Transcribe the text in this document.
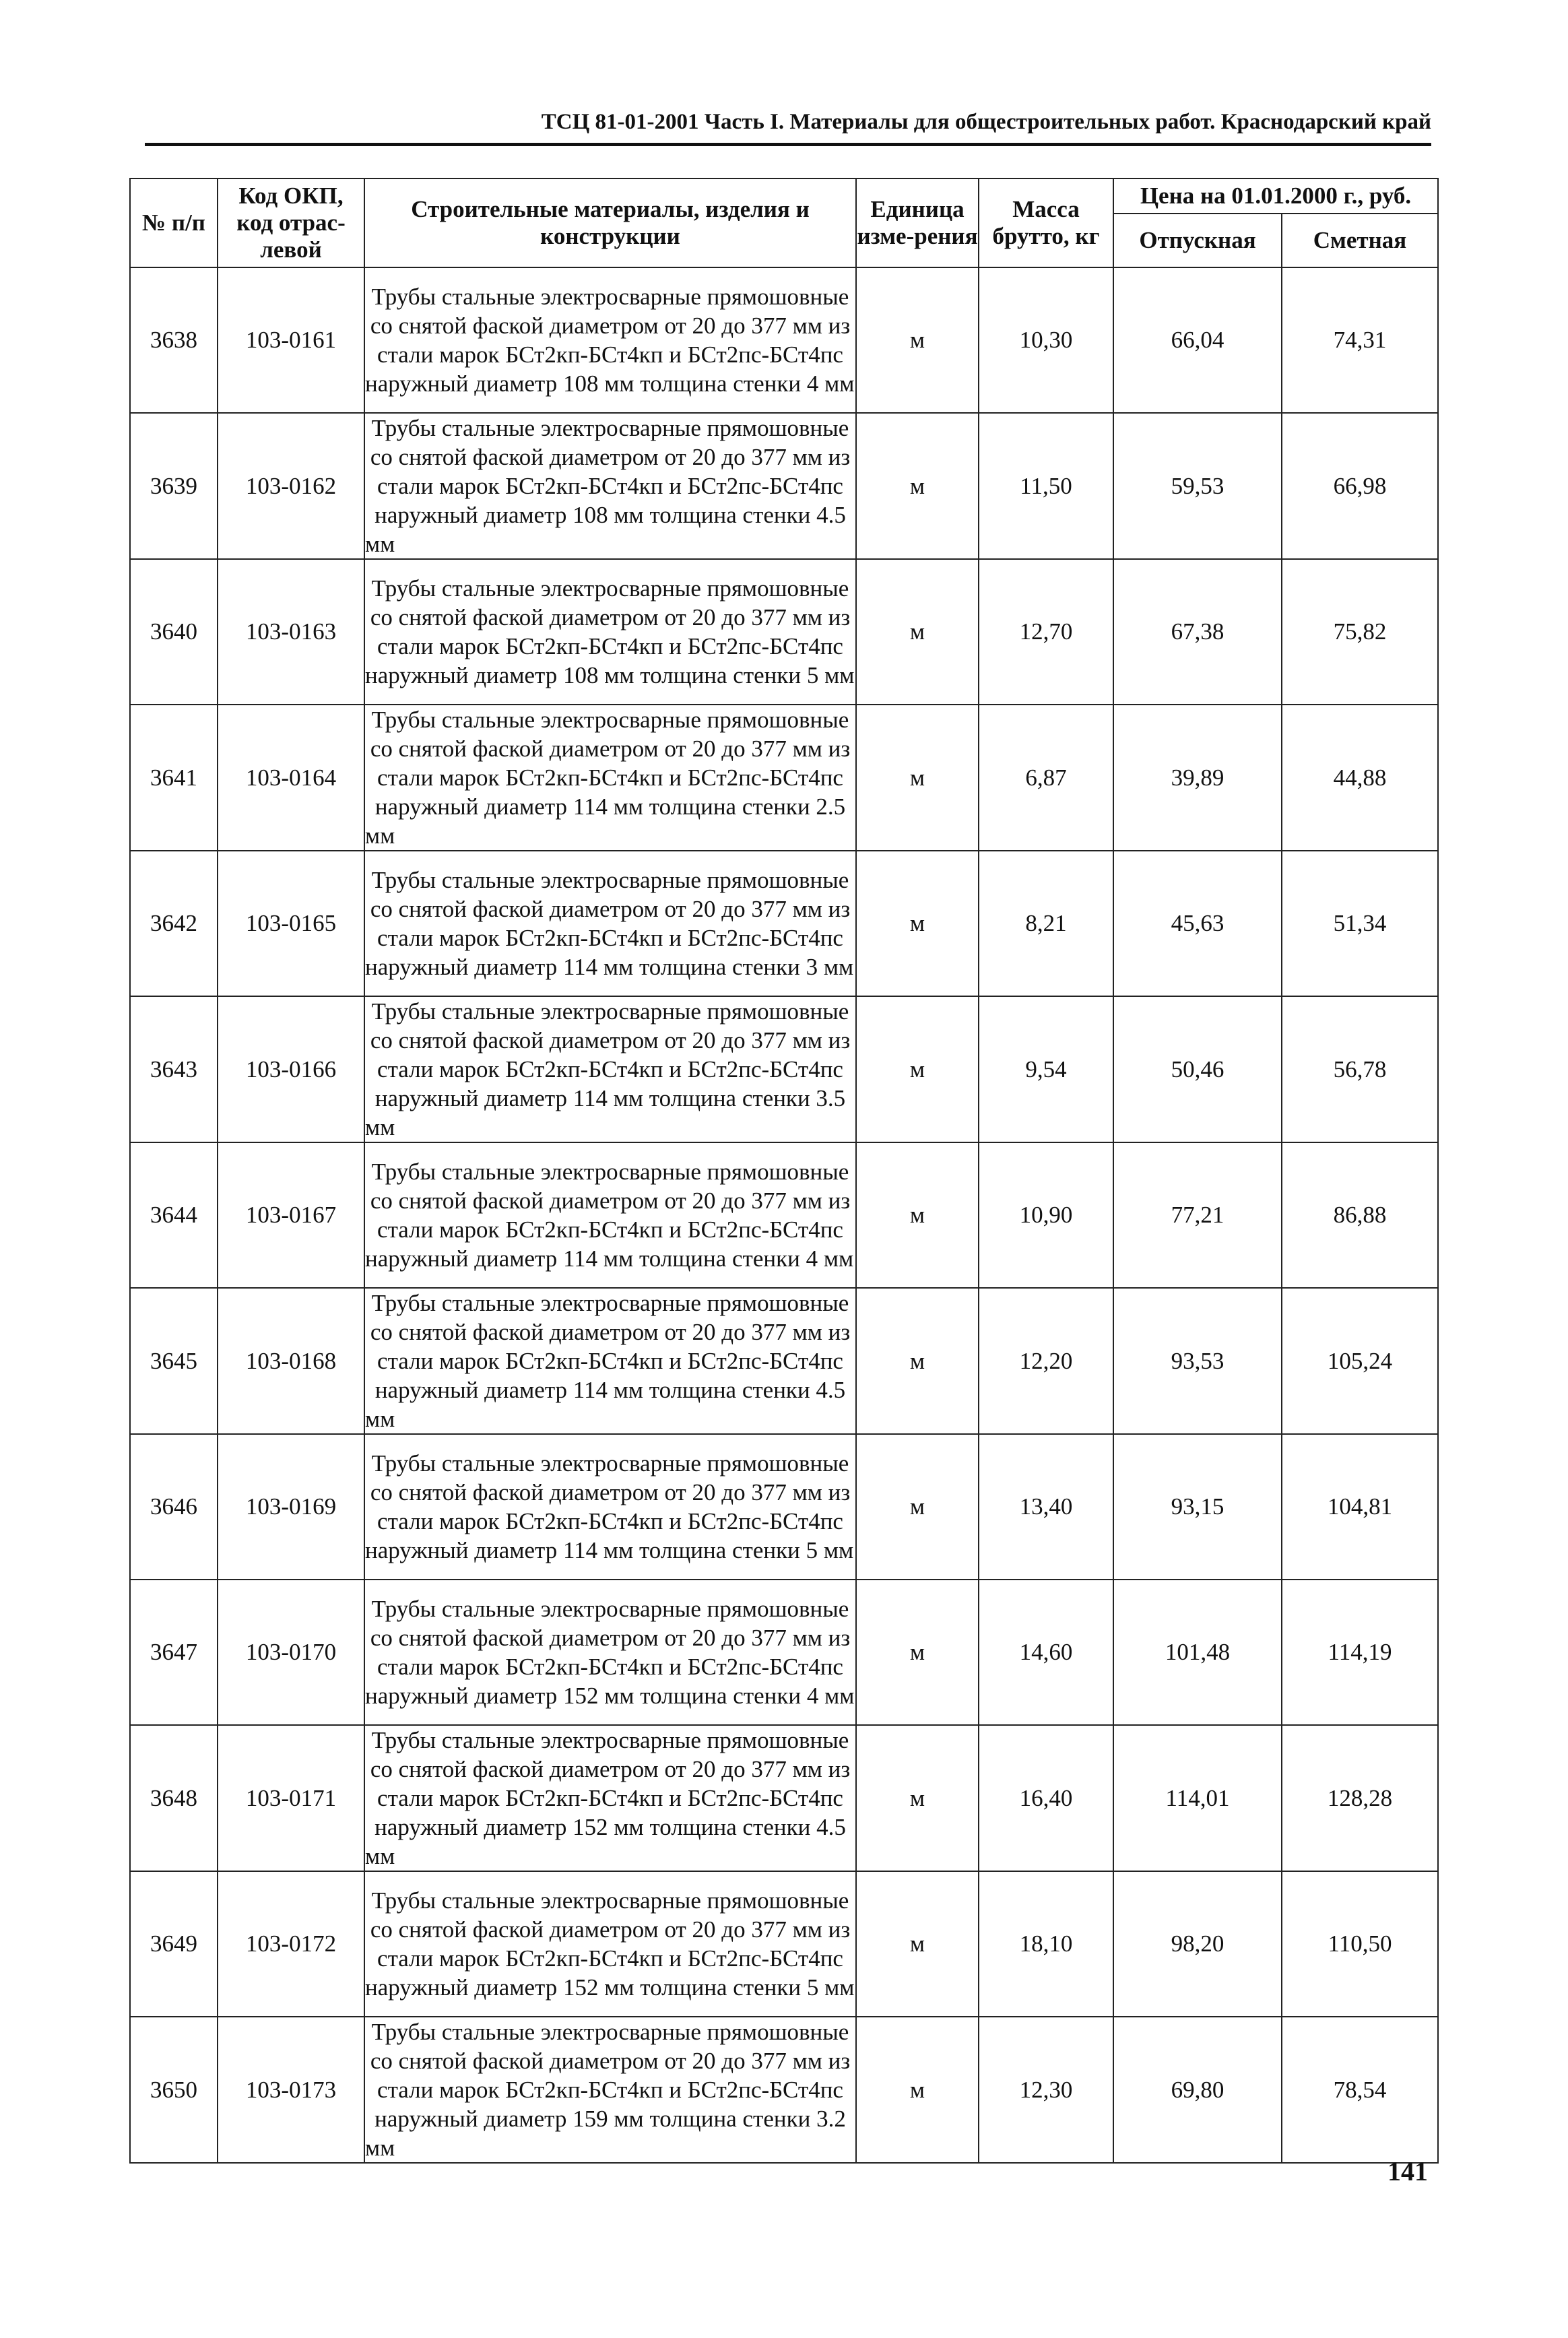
ТСЦ 81-01-2001 Часть I. Материалы для общестроительных работ. Краснодарский край
№ п/п	Код ОКП, код отрас-левой	Строительные материалы, изделия и конструкции	Единица изме-рения	Масса брутто, кг	Цена на 01.01.2000 г., руб.	
					Отпускная	Сметная
3638	103-0161	Трубы стальные электросварные прямошовные со снятой фаской диаметром от 20 до 377 мм из стали марок БСт2кп-БСт4кп и БСт2пс-БСт4пс наружный диаметр 108 мм толщина стенки 4 мм	м	10,30	66,04	74,31
3639	103-0162	Трубы стальные электросварные прямошовные со снятой фаской диаметром от 20 до 377 мм из стали марок БСт2кп-БСт4кп и БСт2пс-БСт4пс наружный диаметр 108 мм толщина стенки 4.5 мм	м	11,50	59,53	66,98
3640	103-0163	Трубы стальные электросварные прямошовные со снятой фаской диаметром от 20 до 377 мм из стали марок БСт2кп-БСт4кп и БСт2пс-БСт4пс наружный диаметр 108 мм толщина стенки 5 мм	м	12,70	67,38	75,82
3641	103-0164	Трубы стальные электросварные прямошовные со снятой фаской диаметром от 20 до 377 мм из стали марок БСт2кп-БСт4кп и БСт2пс-БСт4пс наружный диаметр 114 мм толщина стенки 2.5 мм	м	6,87	39,89	44,88
3642	103-0165	Трубы стальные электросварные прямошовные со снятой фаской диаметром от 20 до 377 мм из стали марок БСт2кп-БСт4кп и БСт2пс-БСт4пс наружный диаметр 114 мм толщина стенки 3 мм	м	8,21	45,63	51,34
3643	103-0166	Трубы стальные электросварные прямошовные со снятой фаской диаметром от 20 до 377 мм из стали марок БСт2кп-БСт4кп и БСт2пс-БСт4пс наружный диаметр 114 мм толщина стенки 3.5 мм	м	9,54	50,46	56,78
3644	103-0167	Трубы стальные электросварные прямошовные со снятой фаской диаметром от 20 до 377 мм из стали марок БСт2кп-БСт4кп и БСт2пс-БСт4пс наружный диаметр 114 мм толщина стенки 4 мм	м	10,90	77,21	86,88
3645	103-0168	Трубы стальные электросварные прямошовные со снятой фаской диаметром от 20 до 377 мм из стали марок БСт2кп-БСт4кп и БСт2пс-БСт4пс наружный диаметр 114 мм толщина стенки 4.5 мм	м	12,20	93,53	105,24
3646	103-0169	Трубы стальные электросварные прямошовные со снятой фаской диаметром от 20 до 377 мм из стали марок БСт2кп-БСт4кп и БСт2пс-БСт4пс наружный диаметр 114 мм толщина стенки 5 мм	м	13,40	93,15	104,81
3647	103-0170	Трубы стальные электросварные прямошовные со снятой фаской диаметром от 20 до 377 мм из стали марок БСт2кп-БСт4кп и БСт2пс-БСт4пс наружный диаметр 152 мм толщина стенки 4 мм	м	14,60	101,48	114,19
3648	103-0171	Трубы стальные электросварные прямошовные со снятой фаской диаметром от 20 до 377 мм из стали марок БСт2кп-БСт4кп и БСт2пс-БСт4пс наружный диаметр 152 мм толщина стенки 4.5 мм	м	16,40	114,01	128,28
3649	103-0172	Трубы стальные электросварные прямошовные со снятой фаской диаметром от 20 до 377 мм из стали марок БСт2кп-БСт4кп и БСт2пс-БСт4пс наружный диаметр 152 мм толщина стенки 5 мм	м	18,10	98,20	110,50
3650	103-0173	Трубы стальные электросварные прямошовные со снятой фаской диаметром от 20 до 377 мм из стали марок БСт2кп-БСт4кп и БСт2пс-БСт4пс наружный диаметр 159 мм толщина стенки 3.2 мм	м	12,30	69,80	78,54
141
